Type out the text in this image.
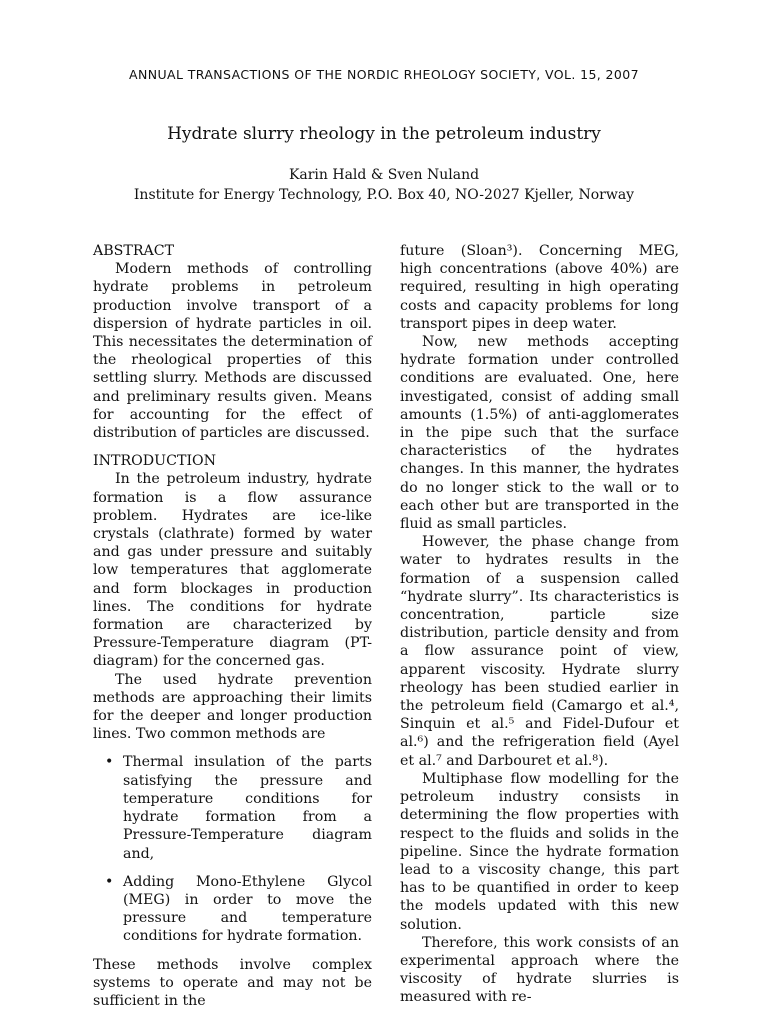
ANNUAL TRANSACTIONS OF THE NORDIC RHEOLOGY SOCIETY, VOL. 15, 2007
Hydrate slurry rheology in the petroleum industry
Karin Hald & Sven Nuland
Institute for Energy Technology, P.O. Box 40, NO-2027 Kjeller, Norway
ABSTRACT

Modern methods of controlling hydrate problems in petroleum production involve transport of a dispersion of hydrate particles in oil. This necessitates the determination of the rheological properties of this settling slurry. Methods are discussed and preliminary results given. Means for accounting for the effect of distribution of particles are discussed.

INTRODUCTION

In the petroleum industry, hydrate formation is a flow assurance problem. Hydrates are ice-like crystals (clathrate) formed by water and gas under pressure and suitably low temperatures that agglomerate and form blockages in production lines. The conditions for hydrate formation are characterized by Pressure-Temperature diagram (PT-diagram) for the concerned gas.

The used hydrate prevention methods are approaching their limits for the deeper and longer production lines. Two common methods are

• Thermal insulation of the parts satisfying the pressure and temperature conditions for hydrate formation from a Pressure-Temperature diagram and,
• Adding Mono-Ethylene Glycol (MEG) in order to move the pressure and temperature conditions for hydrate formation.

These methods involve complex systems to operate and may not be sufficient in the

future (Sloan³). Concerning MEG, high concentrations (above 40%) are required, resulting in high operating costs and capacity problems for long transport pipes in deep water.

Now, new methods accepting hydrate formation under controlled conditions are evaluated. One, here investigated, consist of adding small amounts (1.5%) of anti-agglomerates in the pipe such that the surface characteristics of the hydrates changes. In this manner, the hydrates do no longer stick to the wall or to each other but are transported in the fluid as small particles.

However, the phase change from water to hydrates results in the formation of a suspension called “hydrate slurry”. Its characteristics is concentration, particle size distribution, particle density and from a flow assurance point of view, apparent viscosity. Hydrate slurry rheology has been studied earlier in the petroleum field (Camargo et al.⁴, Sinquin et al.⁵ and Fidel-Dufour et al.⁶) and the refrigeration field (Ayel et al.⁷ and Darbouret et al.⁸).

Multiphase flow modelling for the petroleum industry consists in determining the flow properties with respect to the fluids and solids in the pipeline. Since the hydrate formation lead to a viscosity change, this part has to be quantified in order to keep the models updated with this new solution.

Therefore, this work consists of an experimental approach where the viscosity of hydrate slurries is measured with re-
